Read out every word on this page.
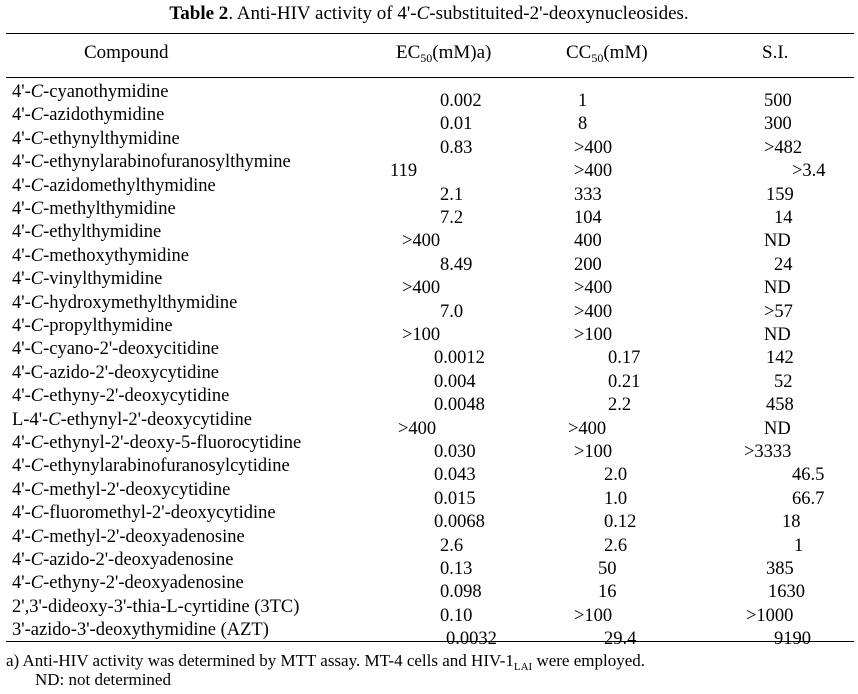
Table 2. Anti-HIV activity of 4'-C-substituited-2'-deoxynucleosides.
Compound	$EC_{50}(mM)a$)	$CC_{50}(mM)$	S.I.
4'-C-cyanothymidine	0.002	1	500
4'-C-azidothymidine	0.01	8	300
4'-C-ethynylthymidine	0.83	>400	>482
4'-C-ethynylarabinofuranosylthymine	119	>400	>3.4
4'-C-azidomethylthymidine	2.1	333	159
4'-C-methylthymidine	7.2	104	14
4'-C-ethylthymidine	>400	400	ND
4'-C-methoxythymidine	8.49	200	24
4'-C-vinylthymidine	>400	>400	ND
4'-C-hydroxymethylthymidine	7.0	>400	>57
4'-C-propylthymidine	>100	>100	ND
4'-C-cyano-2'-deoxycitidine	0.0012	0.17	142
4'-C-azido-2'-deoxycytidine	0.004	0.21	52
4'-C-ethyny-2'-deoxycytidine	0.0048	2.2	458
L-4'-C-ethynyl-2'-deoxycytidine	>400	>400	ND
4'-C-ethynyl-2'-deoxy-5-fluorocytidine	0.030	>100	>3333
4'-C-ethynylarabinofuranosylcytidine	0.043	2.0	46.5
4'-C-methyl-2'-deoxycytidine	0.015	1.0	66.7
4'-C-fluoromethyl-2'-deoxycytidine	0.0068	0.12	18
4'-C-methyl-2'-deoxyadenosine	2.6	2.6	1
4'-C-azido-2'-deoxyadenosine	0.13	50	385
4'-C-ethyny-2'-deoxyadenosine	0.098	16	1630
2',3'-dideoxy-3'-thia-L-cyrtidine (3TC)	0.10	>100	>1000
3'-azido-3'-deoxythymidine (AZT)	0.0032	29.4	9190
a) Anti-HIV activity was determined by MTT assay. MT-4 cells and HIV-$1_{LAI}$ were employed.
ND: not determined
